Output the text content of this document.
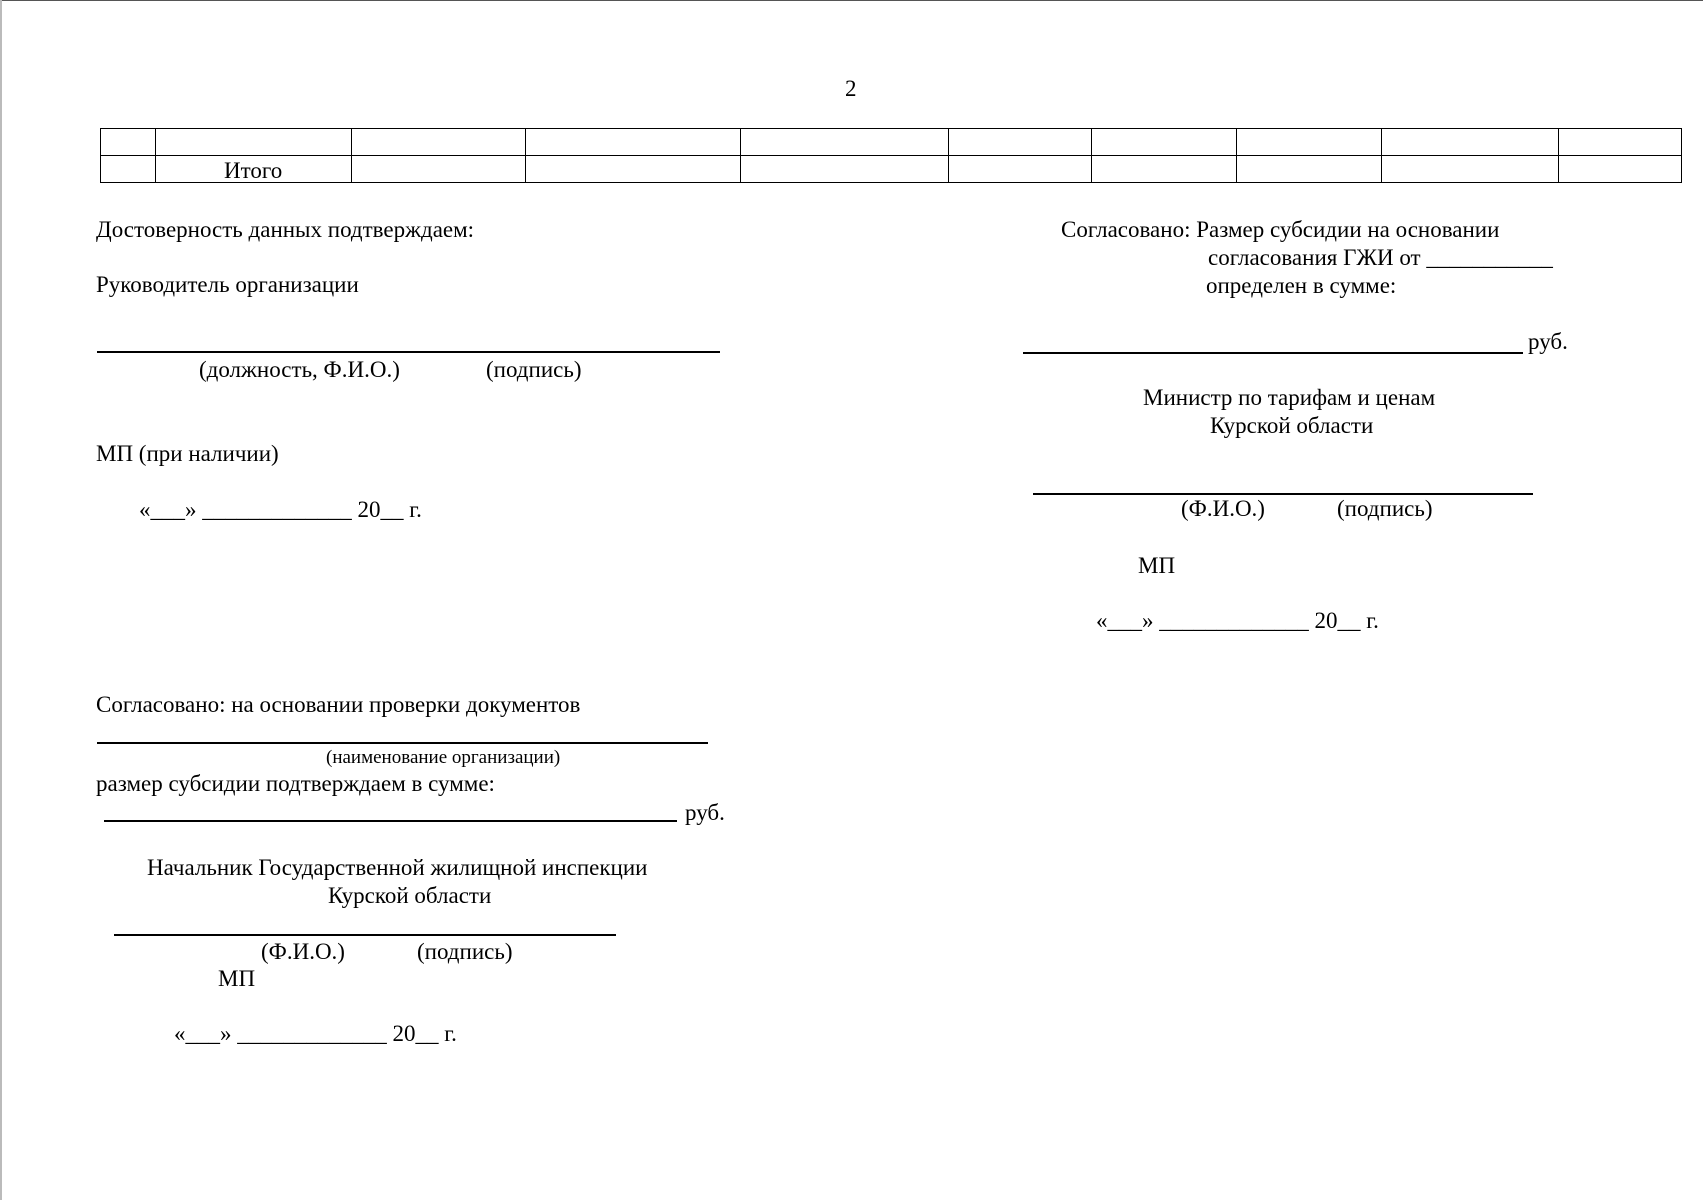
2

	Итого								
Достоверность данных подтверждаем:
Руководитель организации
(должность, Ф.И.О.)	(подпись)
МП (при наличии)
«___» _____________ 20__ г.
Согласовано: Размер субсидии на основании
согласования ГЖИ от ___________
определен в сумме:
руб.
Министр по тарифам и ценам
Курской области
(Ф.И.О.)	(подпись)
МП
«___» _____________ 20__ г.
Согласовано: на основании проверки документов
(наименование организации)
размер субсидии подтверждаем в сумме:
руб.
Начальник Государственной жилищной инспекции
Курской области
(Ф.И.О.)	(подпись)
МП
«___» _____________ 20__ г.
